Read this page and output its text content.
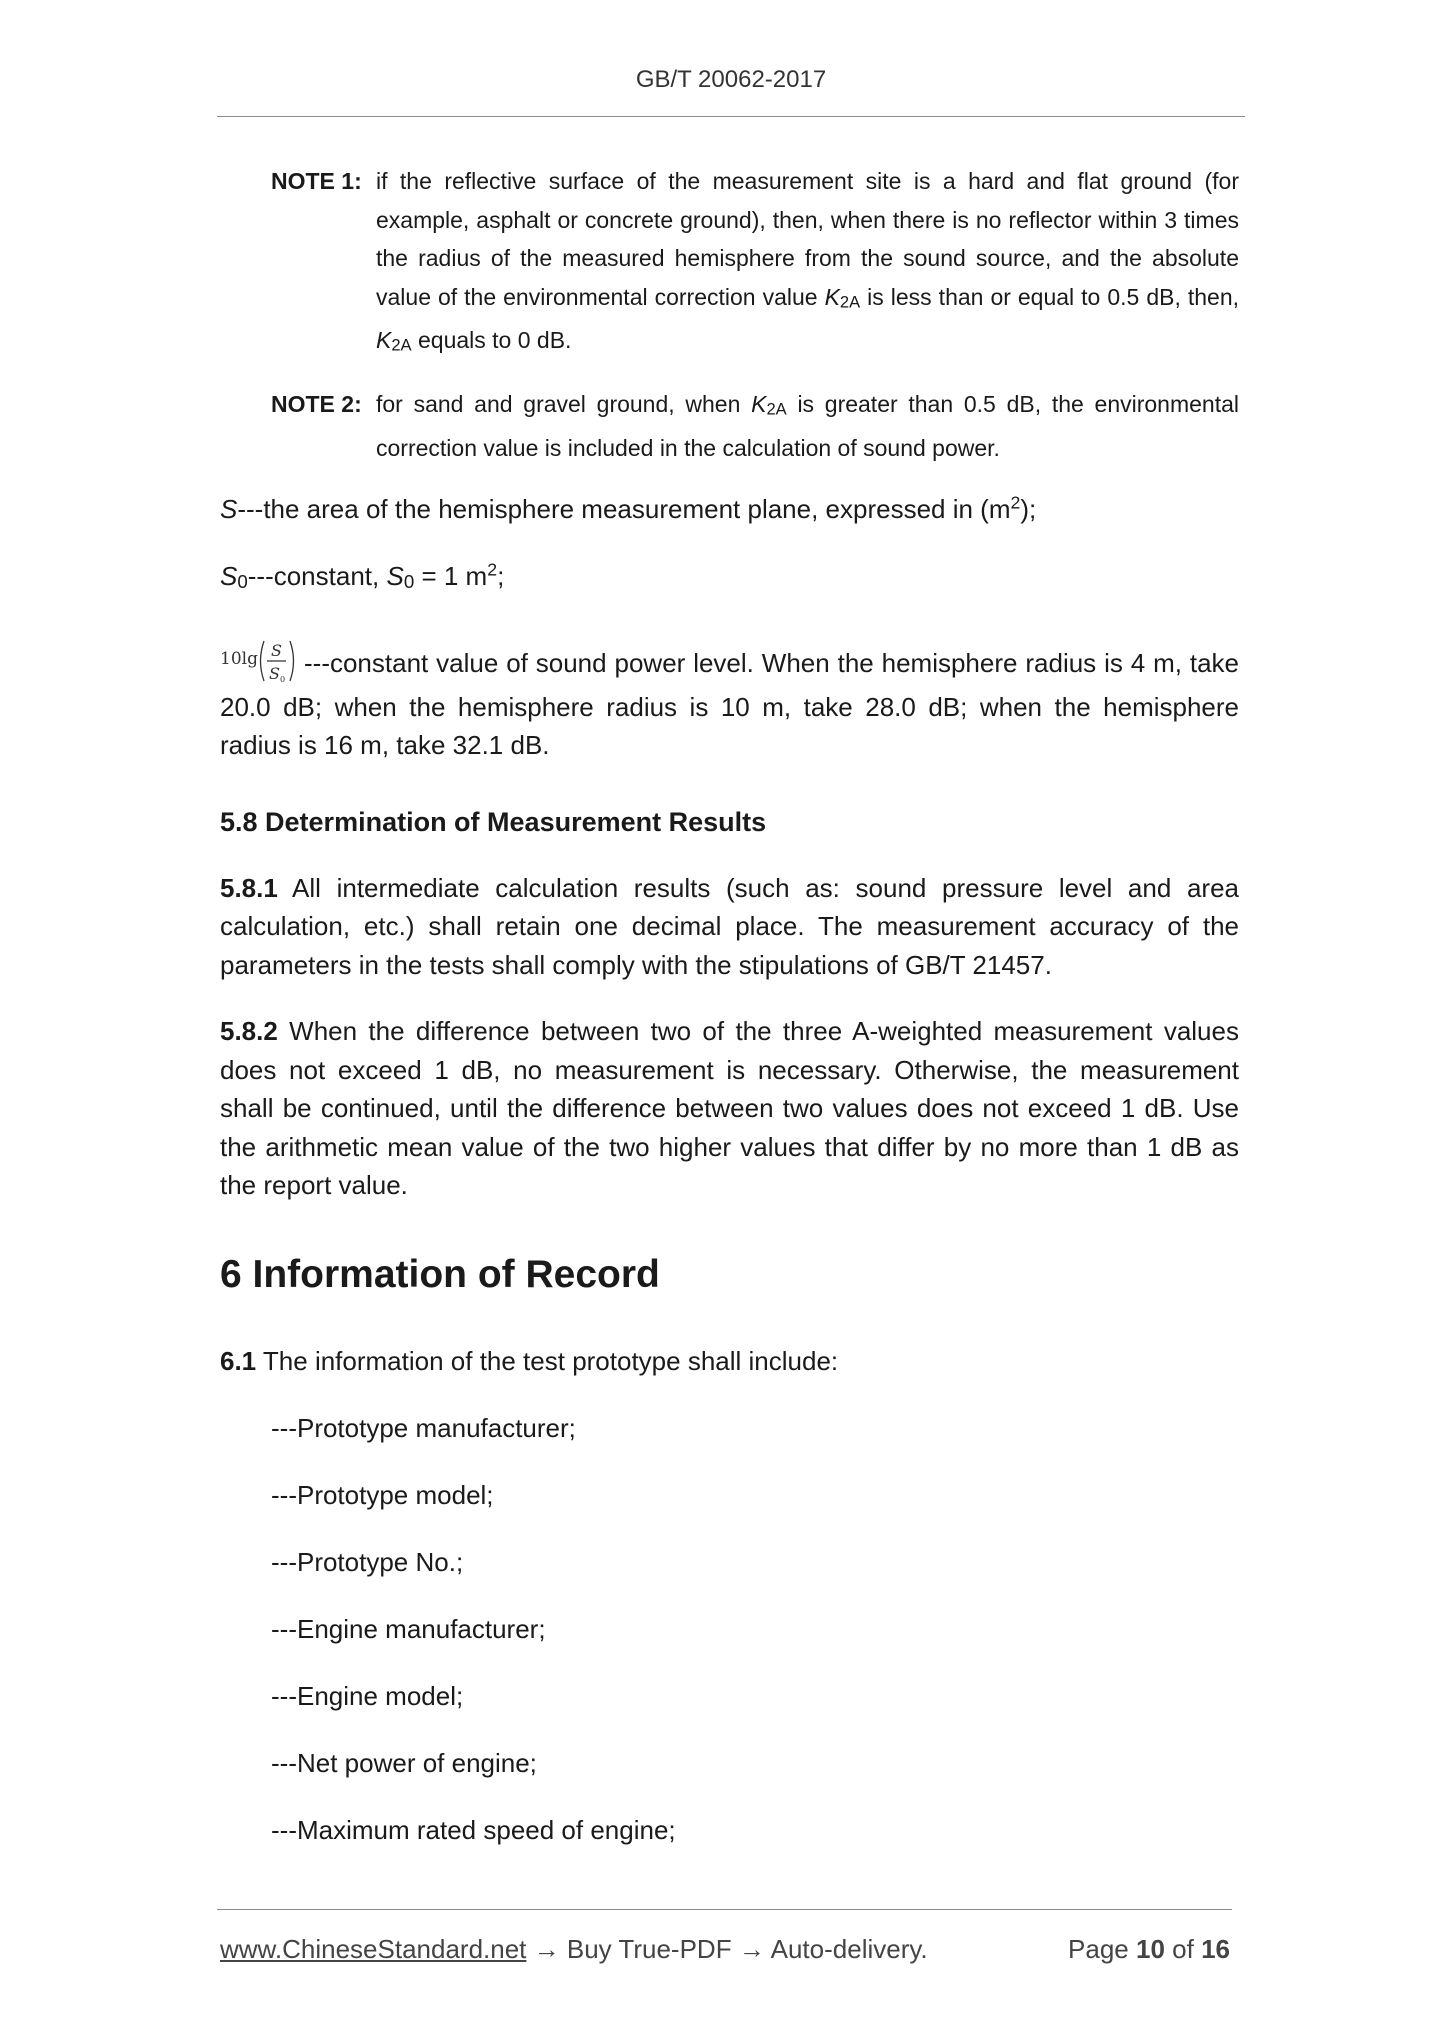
GB/T 20062-2017

NOTE 1: if the reflective surface of the measurement site is a hard and flat ground (for example, asphalt or concrete ground), then, when there is no reflector within 3 times the radius of the measured hemisphere from the sound source, and the absolute value of the environmental correction value K2A is less than or equal to 0.5 dB, then, K2A equals to 0 dB.

NOTE 2: for sand and gravel ground, when K2A is greater than 0.5 dB, the environmental correction value is included in the calculation of sound power.

S---the area of the hemisphere measurement plane, expressed in $(m^2)$;

S0---constant, S0 = 1 $m^2$;

10lg S
S 0
---constant value of sound power level. When the hemisphere radius is 4 m, take 20.0 dB; when the hemisphere radius is 10 m, take 28.0 dB; when the hemisphere radius is 16 m, take 32.1 dB.

5.8 Determination of Measurement Results

5.8.1 All intermediate calculation results (such as: sound pressure level and area calculation, etc.) shall retain one decimal place. The measurement accuracy of the parameters in the tests shall comply with the stipulations of GB/T 21457.

5.8.2 When the difference between two of the three A-weighted measurement values does not exceed 1 dB, no measurement is necessary. Otherwise, the measurement shall be continued, until the difference between two values does not exceed 1 dB. Use the arithmetic mean value of the two higher values that differ by no more than 1 dB as the report value.

6 Information of Record

6.1 The information of the test prototype shall include:

---Prototype manufacturer;
---Prototype model;
---Prototype No.;
---Engine manufacturer;
---Engine model;
---Net power of engine;
---Maximum rated speed of engine;
www.ChineseStandard.net → Buy True-PDF → Auto-delivery.	Page 10 of 16
